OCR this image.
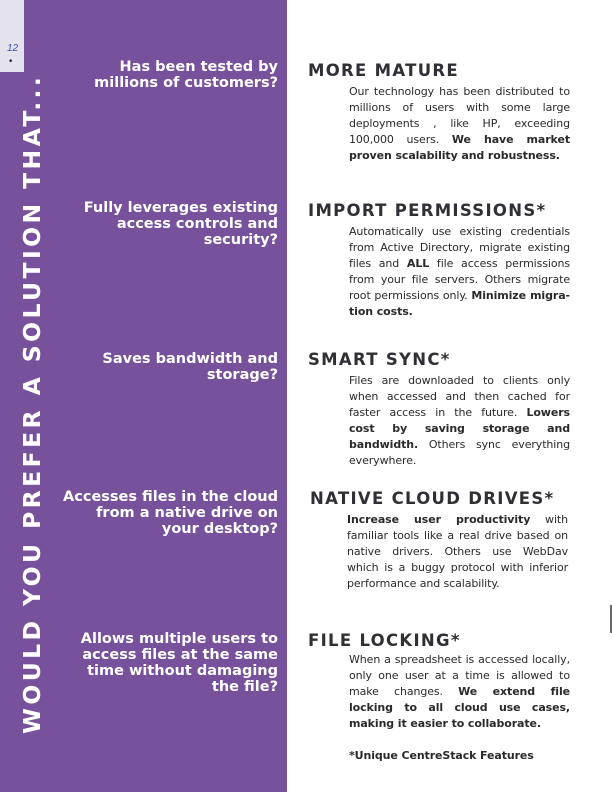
12
•
WOULD YOU PREFER A SOLUTION THAT...
Has been tested by millions of customers?
MORE MATURE
Our technology has been distributed to millions of users with some large deployments , like HP, exceeding 100,000 users. We have market proven scalability and robustness.
Fully leverages existing access controls and security?
IMPORT PERMISSIONS*
Automatically use existing credentials from Active Directory, migrate existing files and ALL file access permissions from your file servers. Others migrate root permissions only. Minimize migra-tion costs.
Saves bandwidth and storage?
SMART SYNC*
Files are downloaded to clients only when accessed and then cached for faster access in the future. Lowers cost by saving storage and bandwidth. Others sync everything everywhere.
Accesses files in the cloud from a native drive on your desktop?
NATIVE CLOUD DRIVES*
Increase user productivity with familiar tools like a real drive based on native drivers. Others use WebDav which is a buggy protocol with inferior performance and scalability.
Allows multiple users to access files at the same time without damaging the file?
FILE LOCKING*
When a spreadsheet is accessed locally, only one user at a time is allowed to make changes. We extend file locking to all cloud use cases, making it easier to collaborate.
*Unique CentreStack Features
